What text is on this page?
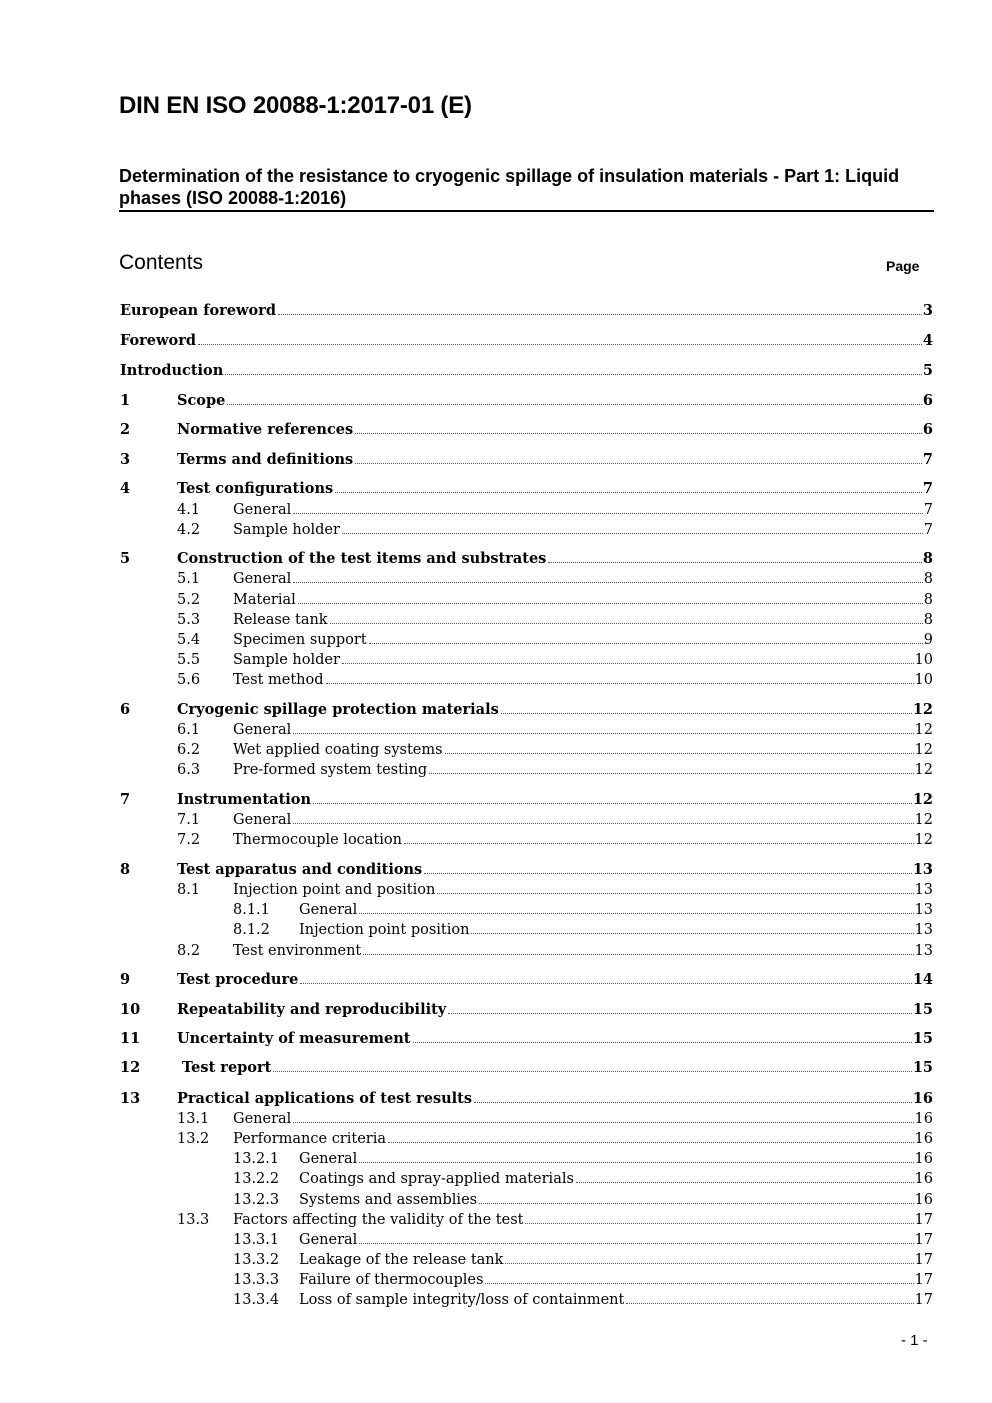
DIN EN ISO 20088-1:2017-01 (E)
Determination of the resistance to cryogenic spillage of insulation materials - Part 1: Liquid phases (ISO 20088-1:2016)
Contents	Page
European foreword	3
Foreword	4
Introduction	5
1	Scope	6
2	Normative references	6
3	Terms and definitions	7
4	Test configurations	7
4.1 General	7
4.2 Sample holder	7
5	Construction of the test items and substrates	8
5.1 General	8
5.2 Material	8
5.3 Release tank	8
5.4 Specimen support	9
5.5 Sample holder	10
5.6 Test method	10
6	Cryogenic spillage protection materials	12
6.1 General	12
6.2 Wet applied coating systems	12
6.3 Pre-formed system testing	12
7	Instrumentation	12
7.1 General	12
7.2 Thermocouple location	12
8	Test apparatus and conditions	13
8.1 Injection point and position	13
8.1.1 General	13
8.1.2 Injection point position	13
8.2 Test environment	13
9	Test procedure	14
10	Repeatability and reproducibility	15
11	Uncertainty of measurement	15
12	Test report	15
13	Practical applications of test results	16
13.1 General	16
13.2 Performance criteria	16
13.2.1 General	16
13.2.2 Coatings and spray-applied materials	16
13.2.3 Systems and assemblies	16
13.3 Factors affecting the validity of the test	17
13.3.1 General	17
13.3.2 Leakage of the release tank	17
13.3.3 Failure of thermocouples	17
13.3.4 Loss of sample integrity/loss of containment	17
- 1 -
